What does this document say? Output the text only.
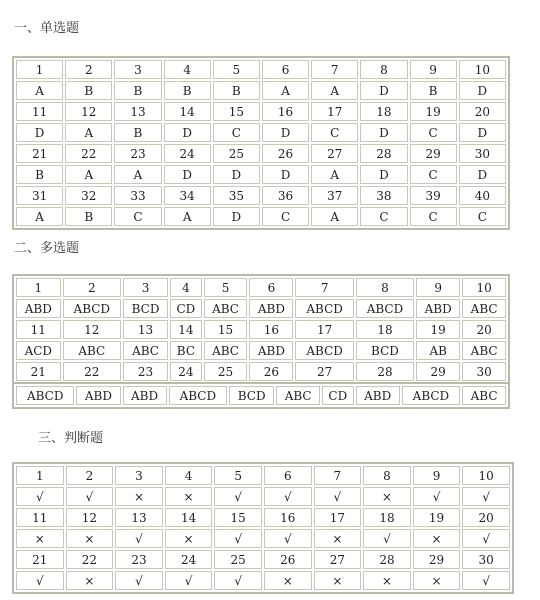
一、单选题
1	2	3	4	5	6	7	8	9	10
A	B	B	B	B	A	A	D	B	D
11	12	13	14	15	16	17	18	19	20
D	A	B	D	C	D	C	D	C	D
21	22	23	24	25	26	27	28	29	30
B	A	A	D	D	D	A	D	C	D
31	32	33	34	35	36	37	38	39	40
A	B	C	A	D	C	A	C	C	C
二、多选题
1	2	3	4	5	6	7	8	9	10
ABD	ABCD	BCD	CD	ABC	ABD	ABCD	ABCD	ABD	ABC
11	12	13	14	15	16	17	18	19	20
ACD	ABC	ABC	BC	ABC	ABD	ABCD	BCD	AB	ABC
21	22	23	24	25	26	27	28	29	30
ABCD	ABD	ABD	ABCD	BCD	ABC	CD	ABD	ABCD	ABC
三、判断题
1	2	3	4	5	6	7	8	9	10
√	√	×	×	√	√	√	×	√	√
11	12	13	14	15	16	17	18	19	20
×	×	√	×	√	√	×	√	×	√
21	22	23	24	25	26	27	28	29	30
√	×	√	√	√	×	×	×	×	√
